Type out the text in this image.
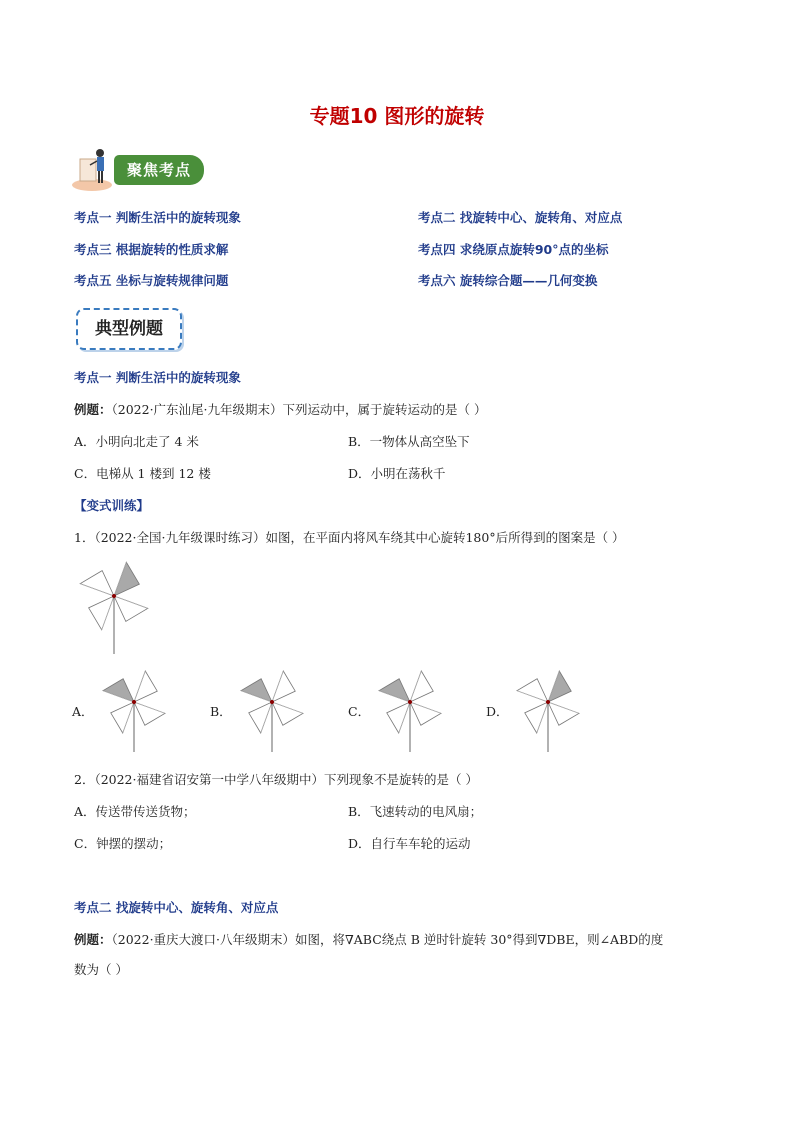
专题10 图形的旋转
聚焦考点
考点一 判断生活中的旋转现象	考点二 找旋转中心、旋转角、对应点
考点三 根据旋转的性质求解	考点四 求绕原点旋转90°点的坐标
考点五 坐标与旋转规律问题	考点六 旋转综合题——几何变换
典型例题
考点一 判断生活中的旋转现象
例题：（2022·广东汕尾·九年级期末）下列运动中，属于旋转运动的是（ ）
A．小明向北走了 4 米	B．一物体从高空坠下
C．电梯从 1 楼到 12 楼	D．小明在荡秋千
【变式训练】
1．（2022·全国·九年级课时练习）如图，在平面内将风车绕其中心旋转180°后所得到的图案是（ ）
A．	B．	C．	D．
2．（2022·福建省诏安第一中学八年级期中）下列现象不是旋转的是（ ）
A．传送带传送货物；	B．飞速转动的电风扇；
C．钟摆的摆动；	D．自行车车轮的运动
考点二 找旋转中心、旋转角、对应点
例题：（2022·重庆大渡口·八年级期末）如图，将∇ABC绕点 B 逆时针旋转 30°得到∇DBE，则∠ABD的度
数为（ ）
